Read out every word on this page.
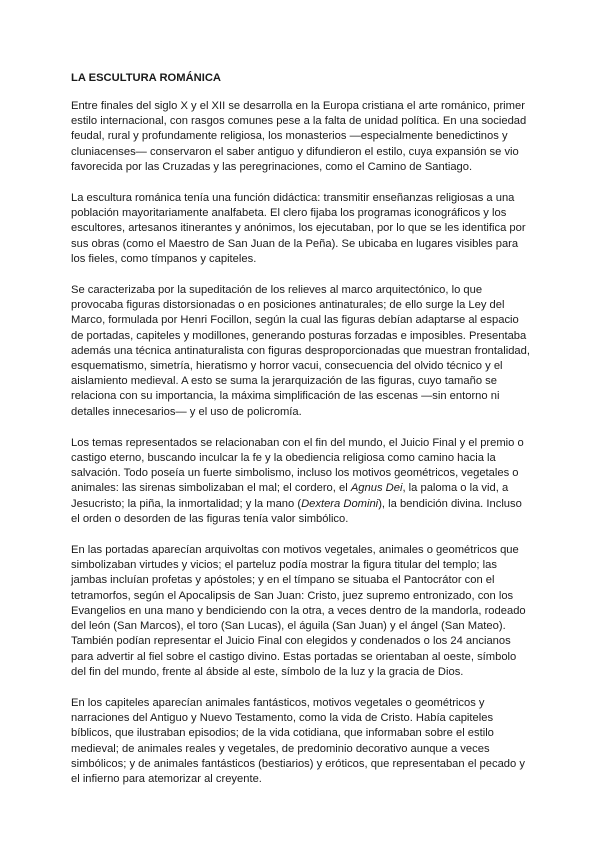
LA ESCULTURA ROMÁNICA

Entre finales del siglo X y el XII se desarrolla en la Europa cristiana el arte románico, primer estilo internacional, con rasgos comunes pese a la falta de unidad política. En una sociedad feudal, rural y profundamente religiosa, los monasterios —especialmente benedictinos y cluniacenses— conservaron el saber antiguo y difundieron el estilo, cuya expansión se vio favorecida por las Cruzadas y las peregrinaciones, como el Camino de Santiago.

La escultura románica tenía una función didáctica: transmitir enseñanzas religiosas a una población mayoritariamente analfabeta. El clero fijaba los programas iconográficos y los escultores, artesanos itinerantes y anónimos, los ejecutaban, por lo que se les identifica por sus obras (como el Maestro de San Juan de la Peña). Se ubicaba en lugares visibles para los fieles, como tímpanos y capiteles.

Se caracterizaba por la supeditación de los relieves al marco arquitectónico, lo que provocaba figuras distorsionadas o en posiciones antinaturales; de ello surge la Ley del Marco, formulada por Henri Focillon, según la cual las figuras debían adaptarse al espacio de portadas, capiteles y modillones, generando posturas forzadas e imposibles. Presentaba además una técnica antinaturalista con figuras desproporcionadas que muestran frontalidad, esquematismo, simetría, hieratismo y horror vacui, consecuencia del olvido técnico y el aislamiento medieval. A esto se suma la jerarquización de las figuras, cuyo tamaño se relaciona con su importancia, la máxima simplificación de las escenas —sin entorno ni detalles innecesarios— y el uso de policromía.

Los temas representados se relacionaban con el fin del mundo, el Juicio Final y el premio o castigo eterno, buscando inculcar la fe y la obediencia religiosa como camino hacia la salvación. Todo poseía un fuerte simbolismo, incluso los motivos geométricos, vegetales o animales: las sirenas simbolizaban el mal; el cordero, el Agnus Dei, la paloma o la vid, a Jesucristo; la piña, la inmortalidad; y la mano (Dextera Domini), la bendición divina. Incluso el orden o desorden de las figuras tenía valor simbólico.

En las portadas aparecían arquivoltas con motivos vegetales, animales o geométricos que simbolizaban virtudes y vicios; el parteluz podía mostrar la figura titular del templo; las jambas incluían profetas y apóstoles; y en el tímpano se situaba el Pantocrátor con el tetramorfos, según el Apocalipsis de San Juan: Cristo, juez supremo entronizado, con los Evangelios en una mano y bendiciendo con la otra, a veces dentro de la mandorla, rodeado del león (San Marcos), el toro (San Lucas), el águila (San Juan) y el ángel (San Mateo). También podían representar el Juicio Final con elegidos y condenados o los 24 ancianos para advertir al fiel sobre el castigo divino. Estas portadas se orientaban al oeste, símbolo del fin del mundo, frente al ábside al este, símbolo de la luz y la gracia de Dios.

En los capiteles aparecían animales fantásticos, motivos vegetales o geométricos y narraciones del Antiguo y Nuevo Testamento, como la vida de Cristo. Había capiteles bíblicos, que ilustraban episodios; de la vida cotidiana, que informaban sobre el estilo medieval; de animales reales y vegetales, de predominio decorativo aunque a veces simbólicos; y de animales fantásticos (bestiarios) y eróticos, que representaban el pecado y el infierno para atemorizar al creyente.
